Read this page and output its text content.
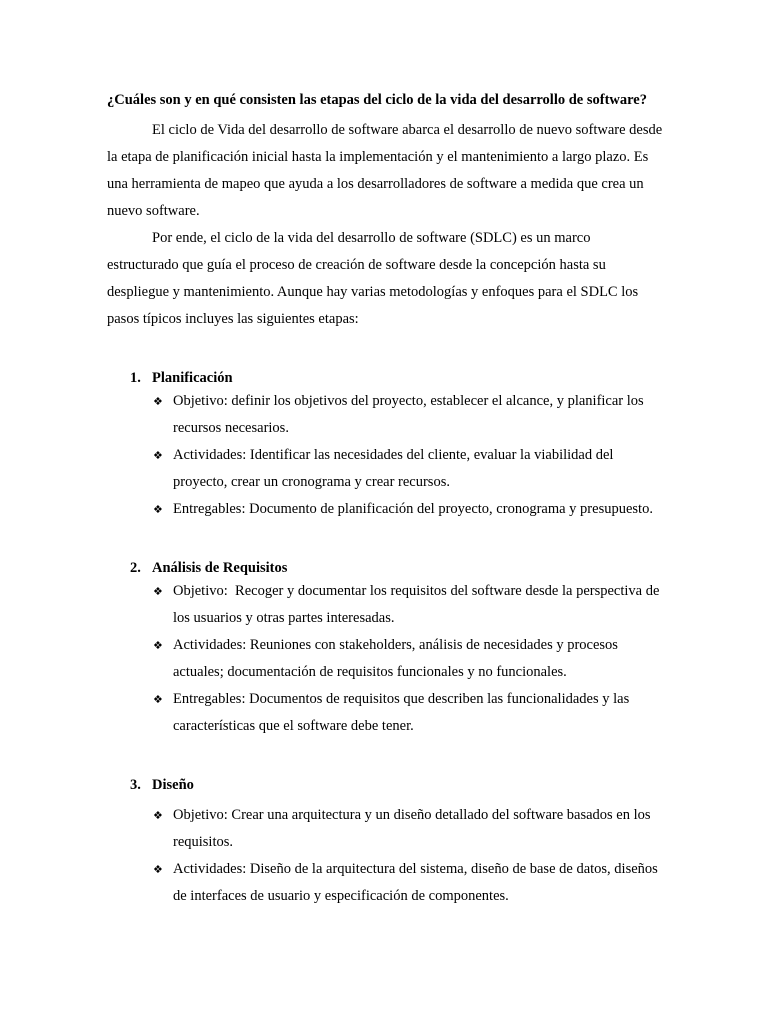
¿Cuáles son y en qué consisten las etapas del ciclo de la vida del desarrollo de software?

El ciclo de Vida del desarrollo de software abarca el desarrollo de nuevo software desde la etapa de planificación inicial hasta la implementación y el mantenimiento a largo plazo. Es una herramienta de mapeo que ayuda a los desarrolladores de software a medida que crea un nuevo software.

Por ende, el ciclo de la vida del desarrollo de software (SDLC) es un marco estructurado que guía el proceso de creación de software desde la concepción hasta su despliegue y mantenimiento. Aunque hay varias metodologías y enfoques para el SDLC los pasos típicos incluyes las siguientes etapas:

1. Planificación
❖ Objetivo: definir los objetivos del proyecto, establecer el alcance, y planificar los recursos necesarios.
❖ Actividades: Identificar las necesidades del cliente, evaluar la viabilidad del proyecto, crear un cronograma y crear recursos.
❖ Entregables: Documento de planificación del proyecto, cronograma y presupuesto.
2. Análisis de Requisitos
❖ Objetivo:  Recoger y documentar los requisitos del software desde la perspectiva de los usuarios y otras partes interesadas.
❖ Actividades: Reuniones con stakeholders, análisis de necesidades y procesos actuales; documentación de requisitos funcionales y no funcionales.
❖ Entregables: Documentos de requisitos que describen las funcionalidades y las características que el software debe tener.
3. Diseño
❖ Objetivo: Crear una arquitectura y un diseño detallado del software basados en los requisitos.
❖ Actividades: Diseño de la arquitectura del sistema, diseño de base de datos, diseños de interfaces de usuario y especificación de componentes.
